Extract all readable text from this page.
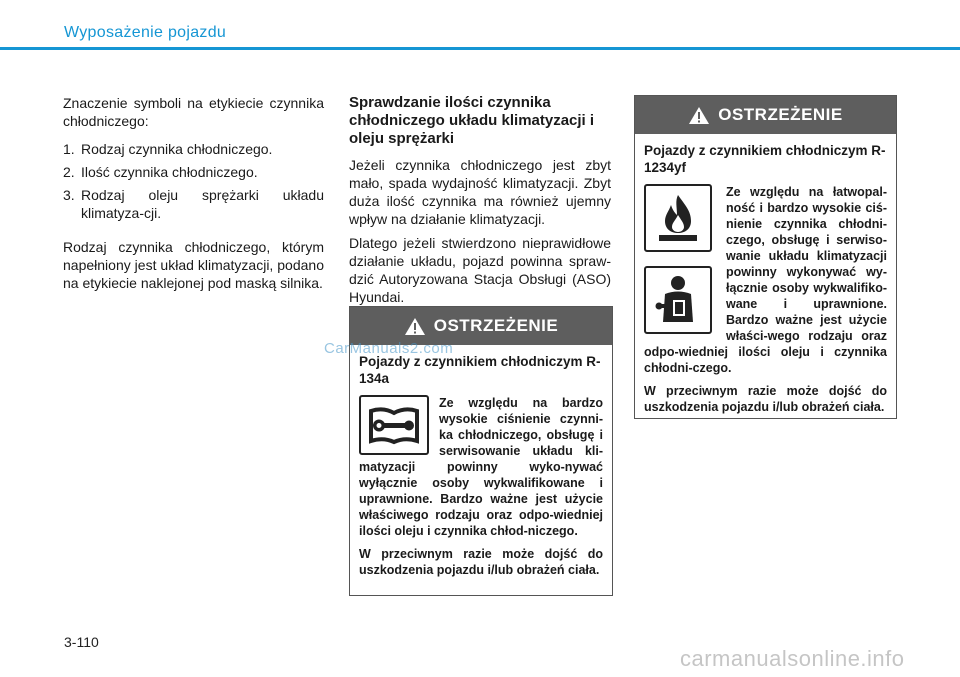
Wyposażenie pojazdu

Znaczenie symboli na etykiecie czynnika chłodniczego:

1. Rodzaj czynnika chłodniczego.
2. Ilość czynnika chłodniczego.
3. Rodzaj oleju sprężarki układu klimatyza-cji.

Rodzaj czynnika chłodniczego, którym napełniony jest układ klimatyzacji, podano na etykiecie naklejonej pod maską silnika.

Sprawdzanie ilości czynnika chłodniczego układu klimatyzacji i oleju sprężarki

Jeżeli czynnika chłodniczego jest zbyt mało, spada wydajność klimatyzacji. Zbyt duża ilość czynnika ma również ujemny wpływ na działanie klimatyzacji.

Dlatego jeżeli stwierdzono nieprawidłowe działanie układu, pojazd powinna spraw-dzić Autoryzowana Stacja Obsługi (ASO) Hyundai.

OSTRZEŻENIE
Pojazdy z czynnikiem chłodniczym R-134a

Ze względu na bardzo wysokie ciśnienie czynni-ka chłodniczego, obsługę i serwisowanie układu kli-matyzacji powinny wyko-nywać wyłącznie osoby wykwalifikowane i uprawnione. Bardzo ważne jest użycie właściwego rodzaju oraz odpo-wiedniej ilości oleju i czynnika chłod-niczego.

W przeciwnym razie może dojść do uszkodzenia pojazdu i/lub obrażeń ciała.

OSTRZEŻENIE
Pojazdy z czynnikiem chłodniczym R-1234yf

Ze względu na łatwopal-ność i bardzo wysokie ciś-nienie czynnika chłodni-czego, obsługę i serwiso-wanie układu klimatyzacji powinny wykonywać wy-łącznie osoby wykwalifiko-wane i uprawnione. Bardzo ważne jest użycie właści-wego rodzaju oraz odpo-wiedniej ilości oleju i czynnika chłodni-czego.

W przeciwnym razie może dojść do uszkodzenia pojazdu i/lub obrażeń ciała.

3-110
CarManuals2.com
carmanualsonline.info
